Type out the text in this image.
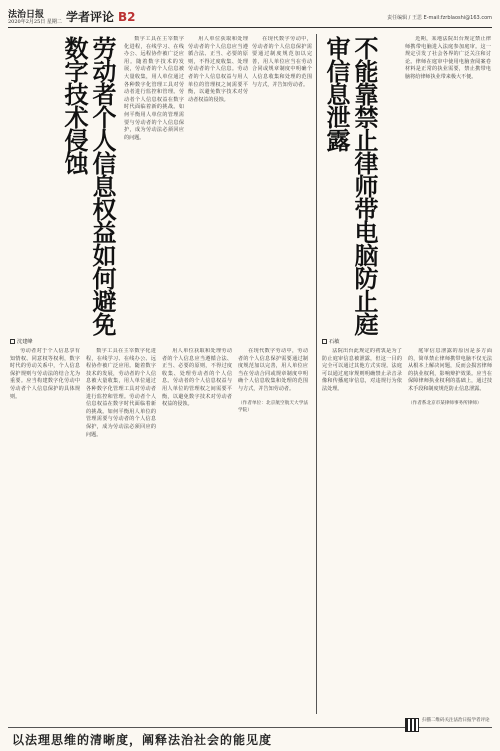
法治日报
2020年2月25日 星期二 学者评论 B2	责任编辑 / 王思 E-mail:fzrblaoshi@163.com
劳动者个人信息权益如何避免数字技术侵蚀	数字工具在主宰数字化进程，在线学习、在线办公、远程协作被广泛应用。随着数字技术的发展，劳动者的个人信息被大量收集，用人单位通过各种数字化管理工具对劳动者进行监控和管理。劳动者个人信息权益在数字时代面临着新的挑战。如何平衡用人单位的管理需要与劳动者的个人信息保护，成为劳动法必须回应的问题。

用人单位获取和处理劳动者的个人信息应当遵循合法、正当、必要的原则，不得过度收集、处理劳动者的个人信息。劳动者的个人信息权益与用人单位的管理权之间需要平衡，以避免数字技术对劳动者权益的侵蚀。

在现代数字劳动中，劳动者的个人信息保护需要通过制度规范加以完善，用人单位应当在劳动合同或规章制度中明确个人信息收集和处理的范围与方式，并告知劳动者。

沈建峰

劳动者对于个人信息享有知情权、同意权等权利，数字时代的劳动关系中，个人信息保护规则与劳动法的结合尤为重要。应当构建数字化劳动中劳动者个人信息保护的具体规则。

数字工具在主宰数字化进程，在线学习、在线办公、远程协作被广泛应用。随着数字技术的发展，劳动者的个人信息被大量收集，用人单位通过各种数字化管理工具对劳动者进行监控和管理。劳动者个人信息权益在数字时代面临着新的挑战。如何平衡用人单位的管理需要与劳动者的个人信息保护，成为劳动法必须回应的问题。

用人单位获取和处理劳动者的个人信息应当遵循合法、正当、必要的原则，不得过度收集、处理劳动者的个人信息。劳动者的个人信息权益与用人单位的管理权之间需要平衡，以避免数字技术对劳动者权益的侵蚀。

在现代数字劳动中，劳动者的个人信息保护需要通过制度规范加以完善，用人单位应当在劳动合同或规章制度中明确个人信息收集和处理的范围与方式，并告知劳动者。

（作者单位：北京航空航天大学法学院）
不能靠禁止律师带电脑防止庭审信息泄露	近期，某地法院出台规定禁止律师携带电脑进入法庭参加庭审。这一规定引发了社会各界的广泛关注和讨论。律师在庭审中使用电脑查阅案卷材料是正常的执业需要，禁止携带电脑将给律师执业带来极大不便。

石敏

法院出台此规定的初衷是为了防止庭审信息被泄露，但这一目的完全可以通过其他方式实现。法庭可以通过庭审规则明确禁止录音录像和传播庭审信息，对违规行为依法处理。

庭审信息泄露的原因是多方面的，简单禁止律师携带电脑不仅无法从根本上解决问题，反而会损害律师的执业权利，影响辩护效果。应当在保障律师执业权利的基础上，通过技术手段和制度规范防止信息泄露。

（作者系北京市某律师事务所律师）
以法理思维的清晰度，阐释法治社会的能见度
扫描二维码关注法治日报学者评论
